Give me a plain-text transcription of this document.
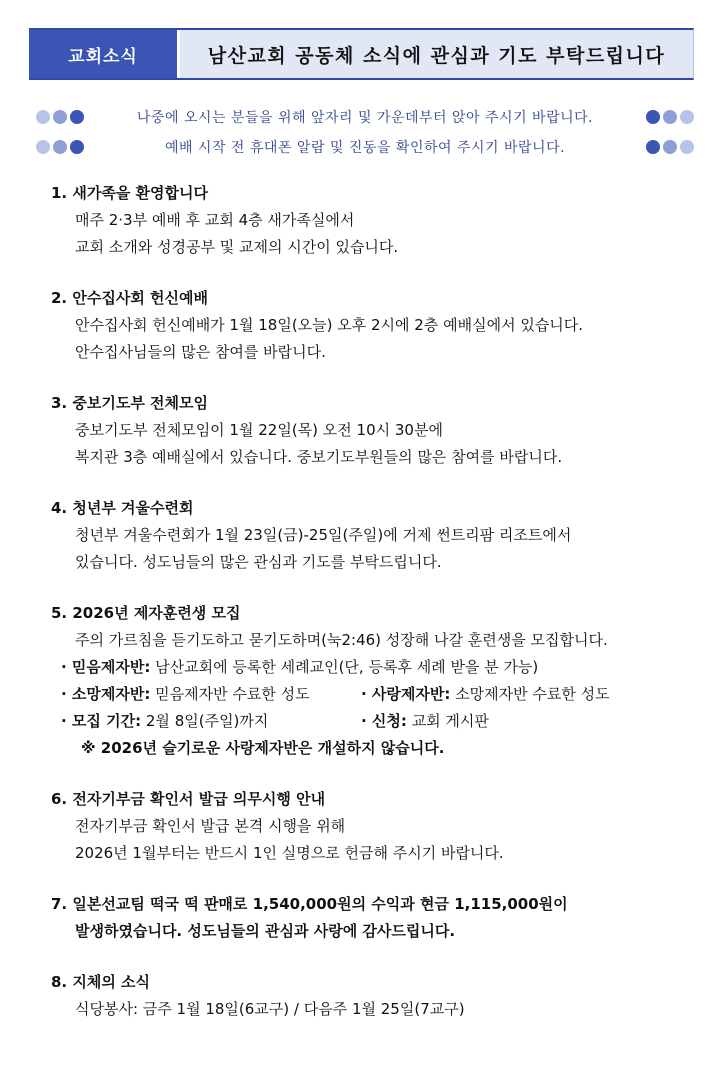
교회소식	남산교회 공동체 소식에 관심과 기도 부탁드립니다
나중에 오시는 분들을 위해 앞자리 및 가운데부터 앉아 주시기 바랍니다.
예배 시작 전 휴대폰 알람 및 진동을 확인하여 주시기 바랍니다.
1. 새가족을 환영합니다
매주 2·3부 예배 후 교회 4층 새가족실에서
교회 소개와 성경공부 및 교제의 시간이 있습니다.
2. 안수집사회 헌신예배
안수집사회 헌신예배가 1월 18일(오늘) 오후 2시에 2층 예배실에서 있습니다.
안수집사님들의 많은 참여를 바랍니다.
3. 중보기도부 전체모임
중보기도부 전체모임이 1월 22일(목) 오전 10시 30분에
복지관 3층 예배실에서 있습니다. 중보기도부원들의 많은 참여를 바랍니다.
4. 청년부 겨울수련회
청년부 겨울수련회가 1월 23일(금)-25일(주일)에 거제 썬트리팜 리조트에서
있습니다. 성도님들의 많은 관심과 기도를 부탁드립니다.
5. 2026년 제자훈련생 모집
주의 가르침을 듣기도하고 묻기도하며(눅2:46) 성장해 나갈 훈련생을 모집합니다.
· 믿음제자반:
남산교회에 등록한 세례교인(단, 등록후 세례 받을 분 가능)
· 소망제자반: 믿음제자반 수료한 성도	· 사랑제자반: 소망제자반 수료한 성도
· 모집 기간: 2월 8일(주일)까지	· 신청: 교회 게시판
※ 2026년 슬기로운 사랑제자반은 개설하지 않습니다.
6. 전자기부금 확인서 발급 의무시행 안내
전자기부금 확인서 발급 본격 시행을 위해
2026년 1월부터는 반드시 1인 실명으로 헌금해 주시기 바랍니다.
7. 일본선교팀 떡국 떡 판매로 1,540,000원의 수익과 현금 1,115,000원이
발생하였습니다. 성도님들의 관심과 사랑에 감사드립니다.
8. 지체의 소식
식당봉사: 금주 1월 18일(6교구) / 다음주 1월 25일(7교구)
